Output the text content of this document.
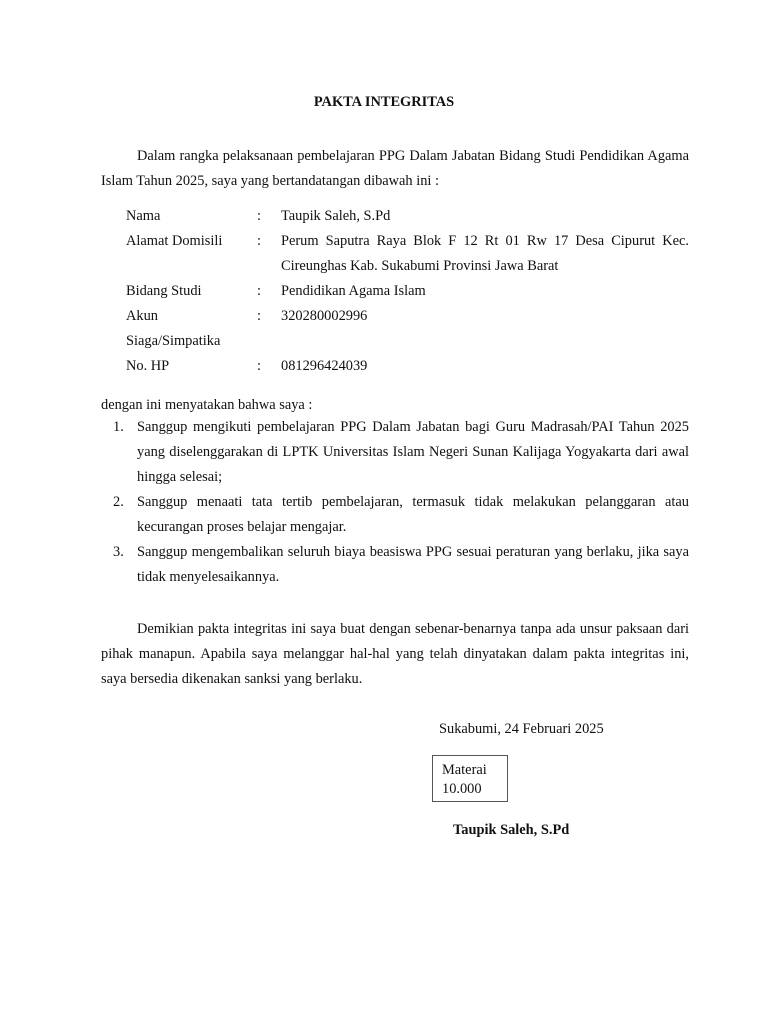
PAKTA INTEGRITAS

Dalam rangka pelaksanaan pembelajaran PPG Dalam Jabatan Bidang Studi Pendidikan Agama Islam Tahun 2025, saya yang bertandatangan dibawah ini :

Nama	:	Taupik Saleh, S.Pd
Alamat Domisili	:	Perum Saputra Raya Blok F 12 Rt 01 Rw 17 Desa Cipurut Kec. Cireunghas Kab. Sukabumi Provinsi Jawa Barat
Bidang Studi	:	Pendidikan Agama Islam
Akun	:	320280002996
Siaga/Simpatika
No. HP	:	081296424039
dengan ini menyatakan bahwa saya :
1. Sanggup mengikuti pembelajaran PPG Dalam Jabatan bagi Guru Madrasah/PAI Tahun 2025 yang diselenggarakan di LPTK Universitas Islam Negeri Sunan Kalijaga Yogyakarta dari awal hingga selesai;
2. Sanggup menaati tata tertib pembelajaran, termasuk tidak melakukan pelanggaran atau kecurangan proses belajar mengajar.
3. Sanggup mengembalikan seluruh biaya beasiswa PPG sesuai peraturan yang berlaku, jika saya tidak menyelesaikannya.

Demikian pakta integritas ini saya buat dengan sebenar-benarnya tanpa ada unsur paksaan dari pihak manapun. Apabila saya melanggar hal-hal yang telah dinyatakan dalam pakta integritas ini, saya bersedia dikenakan sanksi yang berlaku.

Sukabumi, 24 Februari 2025
Materai
10.000
Taupik Saleh, S.Pd
